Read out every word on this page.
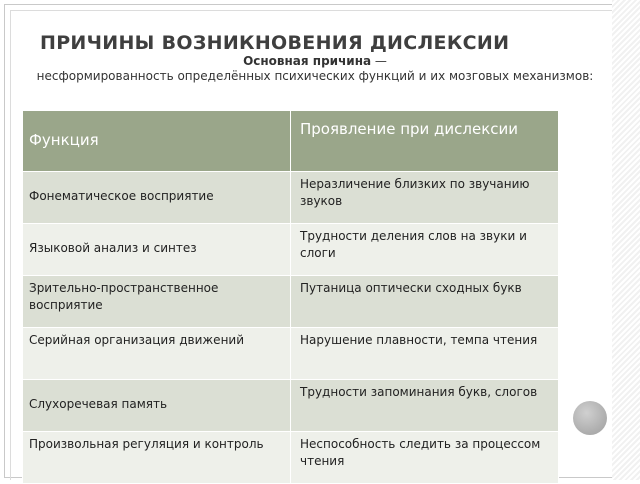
ПРИЧИНЫ ВОЗНИКНОВЕНИЯ ДИСЛЕКСИИ
Основная причина —
несформированность определённых психических функций и их мозговых механизмов:
Функция	Проявление при дислексии

Фонематическое восприятие	Неразличение близких по звучанию звуков

Языковой анализ и синтез	Трудности деления слов на звуки и слоги

Зрительно-пространственное восприятие	Путаница оптически сходных букв

Серийная организация движений	Нарушение плавности, темпа чтения

Слухоречевая память	Трудности запоминания букв, слогов

Произвольная регуляция и контроль	Неспособность следить за процессом чтения
